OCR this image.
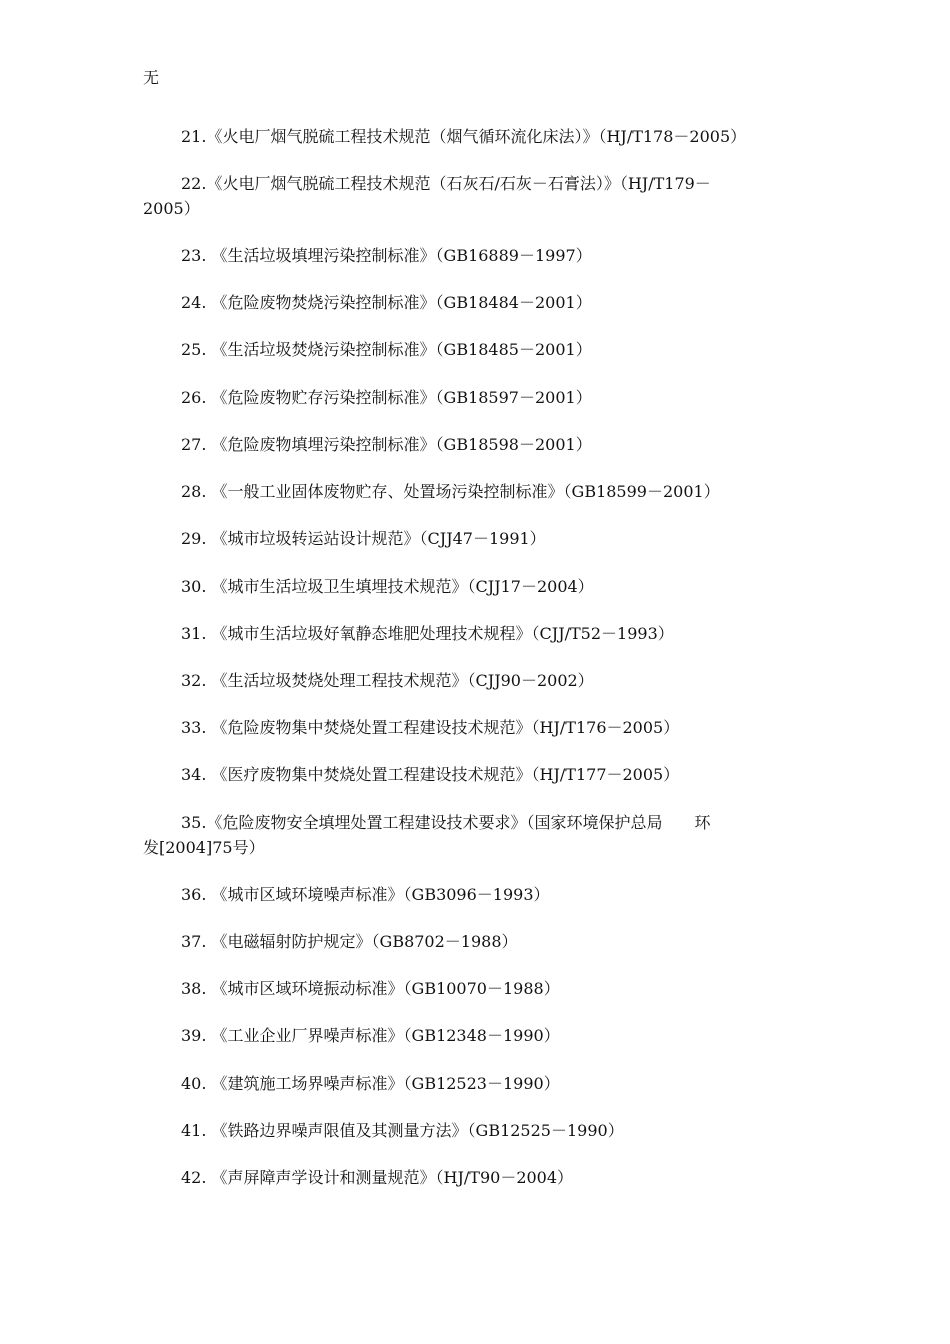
无
21.《火电厂烟气脱硫工程技术规范（烟气循环流化床法）》（HJ/T178－2005）
22.《火电厂烟气脱硫工程技术规范（石灰石/石灰－石膏法）》（HJ/T179－
2005）
23. 《生活垃圾填埋污染控制标准》（GB16889－1997）
24. 《危险废物焚烧污染控制标准》（GB18484－2001）
25. 《生活垃圾焚烧污染控制标准》（GB18485－2001）
26. 《危险废物贮存污染控制标准》（GB18597－2001）
27. 《危险废物填埋污染控制标准》（GB18598－2001）
28. 《一般工业固体废物贮存、处置场污染控制标准》（GB18599－2001）
29. 《城市垃圾转运站设计规范》（CJJ47－1991）
30. 《城市生活垃圾卫生填埋技术规范》（CJJ17－2004）
31. 《城市生活垃圾好氧静态堆肥处理技术规程》（CJJ/T52－1993）
32. 《生活垃圾焚烧处理工程技术规范》（CJJ90－2002）
33. 《危险废物集中焚烧处置工程建设技术规范》（HJ/T176－2005）
34. 《医疗废物集中焚烧处置工程建设技术规范》（HJ/T177－2005）
35.《危险废物安全填埋处置工程建设技术要求》（国家环境保护总局　　环
发[2004]75号）
36. 《城市区域环境噪声标准》（GB3096－1993）
37. 《电磁辐射防护规定》（GB8702－1988）
38. 《城市区域环境振动标准》（GB10070－1988）
39. 《工业企业厂界噪声标准》（GB12348－1990）
40. 《建筑施工场界噪声标准》（GB12523－1990）
41. 《铁路边界噪声限值及其测量方法》（GB12525－1990）
42. 《声屏障声学设计和测量规范》（HJ/T90－2004）
